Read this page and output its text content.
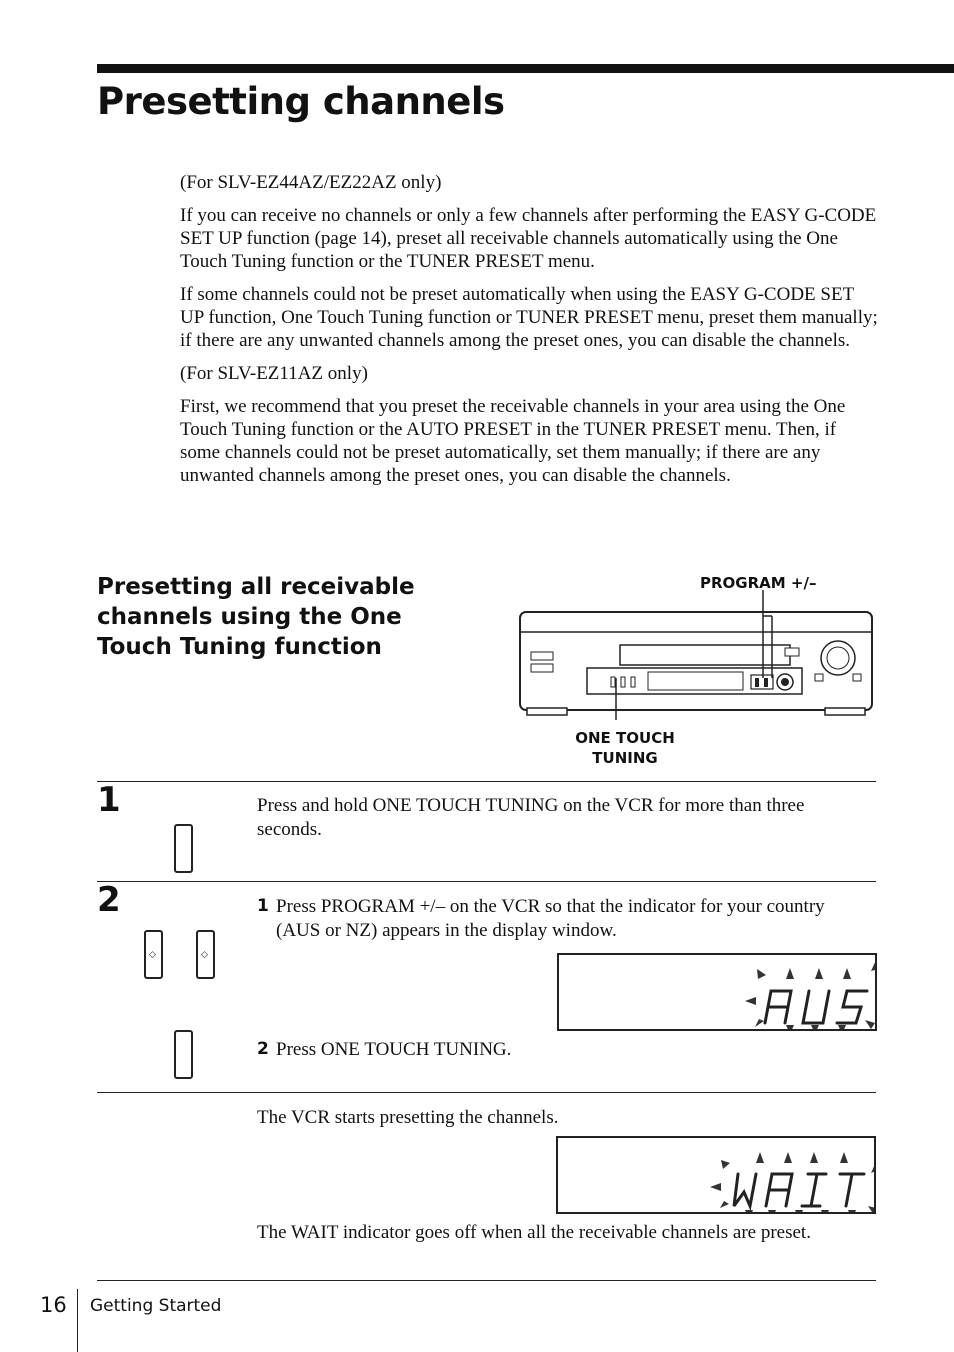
Presetting channels

(For SLV-EZ44AZ/EZ22AZ only)

If you can receive no channels or only a few channels after performing the EASY G-CODE SET UP function (page 14), preset all receivable channels automatically using the One Touch Tuning function or the TUNER PRESET menu.

If some channels could not be preset automatically when using the EASY G-CODE SET UP function, One Touch Tuning function or TUNER PRESET menu, preset them manually; if there are any unwanted channels among the preset ones, you can disable the channels.

(For SLV-EZ11AZ only)

First, we recommend that you preset the receivable channels in your area using the One Touch Tuning function or the AUTO PRESET in the TUNER PRESET menu. Then, if some channels could not be preset automatically, set them manually; if there are any unwanted channels among the preset ones, you can disable the channels.

Presetting all receivable channels using the One Touch Tuning function
PROGRAM +/–
ONE TOUCH
TUNING
1	Press and hold ONE TOUCH TUNING on the VCR for more than three seconds.
2
◇	◇
1 Press PROGRAM +/– on the VCR so that the indicator for your country (AUS or NZ) appears in the display window.
2 Press ONE TOUCH TUNING.
The VCR starts presetting the channels.
The WAIT indicator goes off when all the receivable channels are preset.
16 Getting Started
